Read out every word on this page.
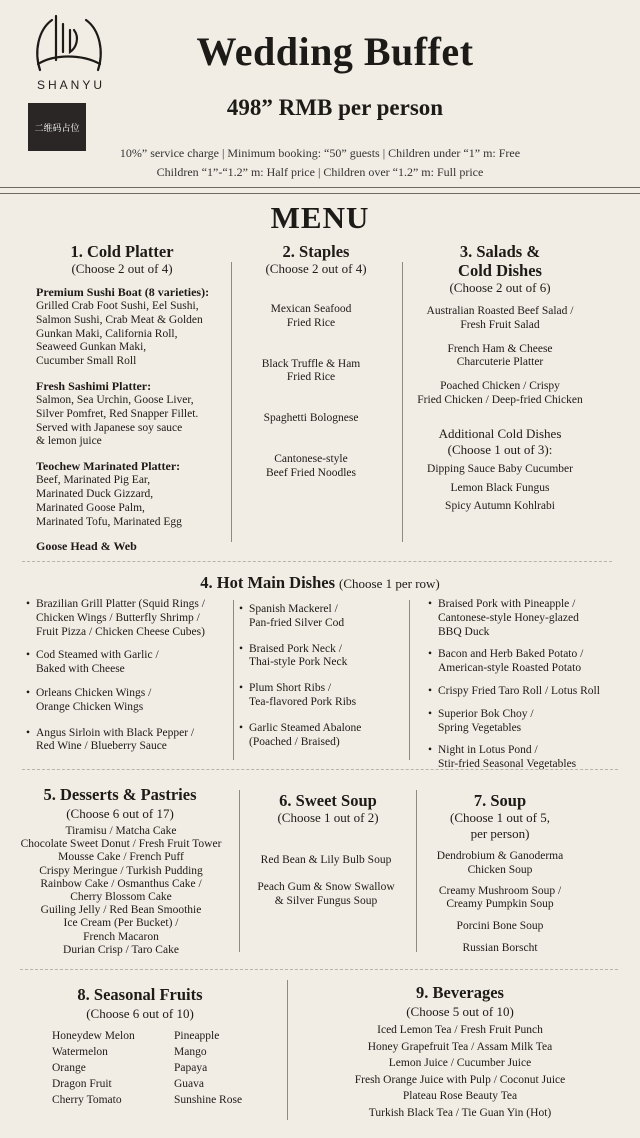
SHANYU
二维码占位
Wedding Buffet
498” RMB per person
10%” service charge | Minimum booking: “50” guests | Children under “1” m: Free
Children “1”-“1.2” m: Half price | Children over “1.2” m: Full price
MENU
1. Cold Platter
(Choose 2 out of 4)
Premium Sushi Boat (8 varieties):
Grilled Crab Foot Sushi, Eel Sushi,
Salmon Sushi, Crab Meat & Golden
Gunkan Maki, California Roll,
Seaweed Gunkan Maki,
Cucumber Small Roll
Fresh Sashimi Platter:
Salmon, Sea Urchin, Goose Liver,
Silver Pomfret, Red Snapper Fillet.
Served with Japanese soy sauce
& lemon juice
Teochew Marinated Platter:
Beef, Marinated Pig Ear,
Marinated Duck Gizzard,
Marinated Goose Palm,
Marinated Tofu, Marinated Egg
Goose Head & Web
2. Staples
(Choose 2 out of 4)
Mexican Seafood
Fried Rice
Black Truffle & Ham
Fried Rice
Spaghetti Bolognese
Cantonese-style
Beef Fried Noodles
3. Salads &
Cold Dishes
(Choose 2 out of 6)
Australian Roasted Beef Salad /
Fresh Fruit Salad
French Ham & Cheese
Charcuterie Platter
Poached Chicken / Crispy
Fried Chicken / Deep-fried Chicken
Additional Cold Dishes
(Choose 1 out of 3):
Dipping Sauce Baby Cucumber
Lemon Black Fungus
Spicy Autumn Kohlrabi
4. Hot Main Dishes (Choose 1 per row)
• Brazilian Grill Platter (Squid Rings /
Chicken Wings / Butterfly Shrimp /
Fruit Pizza / Chicken Cheese Cubes)
• Cod Steamed with Garlic /
Baked with Cheese
• Orleans Chicken Wings /
Orange Chicken Wings
• Angus Sirloin with Black Pepper /
Red Wine / Blueberry Sauce
• Spanish Mackerel /
Pan-fried Silver Cod
• Braised Pork Neck /
Thai-style Pork Neck
• Plum Short Ribs /
Tea-flavored Pork Ribs
• Garlic Steamed Abalone
(Poached / Braised)
• Braised Pork with Pineapple /
Cantonese-style Honey-glazed
BBQ Duck
• Bacon and Herb Baked Potato /
American-style Roasted Potato
• Crispy Fried Taro Roll / Lotus Roll
• Superior Bok Choy /
Spring Vegetables
• Night in Lotus Pond /
Stir-fried Seasonal Vegetables
5. Desserts & Pastries
(Choose 6 out of 17)
Tiramisu / Matcha Cake
Chocolate Sweet Donut / Fresh Fruit Tower
Mousse Cake / French Puff
Crispy Meringue / Turkish Pudding
Rainbow Cake / Osmanthus Cake /
Cherry Blossom Cake
Guiling Jelly / Red Bean Smoothie
Ice Cream (Per Bucket) /
French Macaron
Durian Crisp / Taro Cake
6. Sweet Soup
(Choose 1 out of 2)
Red Bean & Lily Bulb Soup
Peach Gum & Snow Swallow
& Silver Fungus Soup
7. Soup
(Choose 1 out of 5,
per person)
Dendrobium & Ganoderma
Chicken Soup
Creamy Mushroom Soup /
Creamy Pumpkin Soup
Porcini Bone Soup
Russian Borscht
8. Seasonal Fruits
(Choose 6 out of 10)
Honeydew Melon
Watermelon
Orange
Dragon Fruit
Cherry Tomato
Pineapple
Mango
Papaya
Guava
Sunshine Rose
9. Beverages
(Choose 5 out of 10)
Iced Lemon Tea / Fresh Fruit Punch
Honey Grapefruit Tea / Assam Milk Tea
Lemon Juice / Cucumber Juice
Fresh Orange Juice with Pulp / Coconut Juice
Plateau Rose Beauty Tea
Turkish Black Tea / Tie Guan Yin (Hot)
